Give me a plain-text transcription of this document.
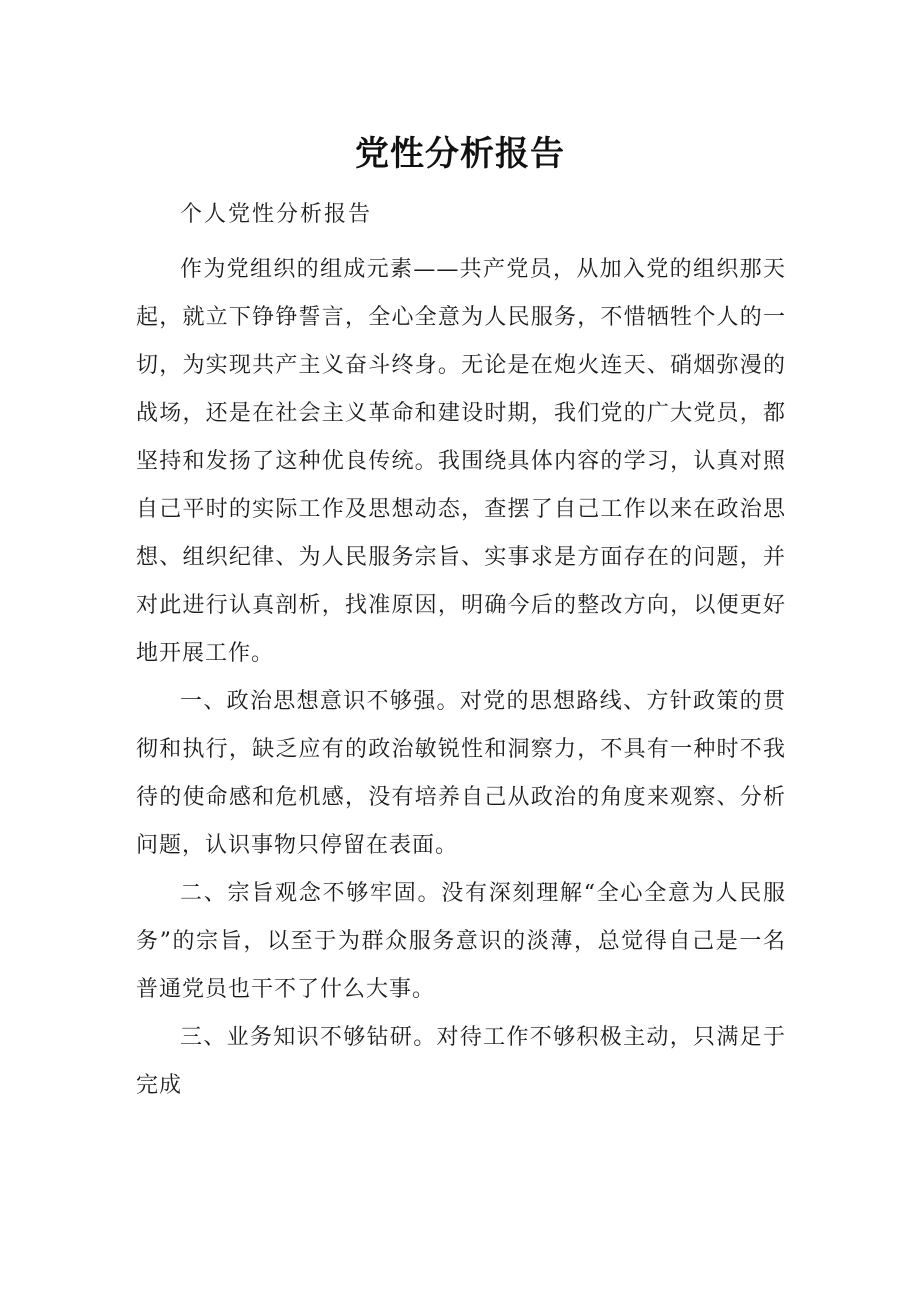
党性分析报告
个人党性分析报告

作为党组织的组成元素——共产党员，从加入党的组织那天起，就立下铮铮誓言，全心全意为人民服务，不惜牺牲个人的一切，为实现共产主义奋斗终身。无论是在炮火连天、硝烟弥漫的战场，还是在社会主义革命和建设时期，我们党的广大党员，都坚持和发扬了这种优良传统。我围绕具体内容的学习，认真对照自己平时的实际工作及思想动态，查摆了自己工作以来在政治思想、组织纪律、为人民服务宗旨、实事求是方面存在的问题，并对此进行认真剖析，找准原因，明确今后的整改方向，以便更好地开展工作。

一、政治思想意识不够强。对党的思想路线、方针政策的贯彻和执行，缺乏应有的政治敏锐性和洞察力，不具有一种时不我待的使命感和危机感，没有培养自己从政治的角度来观察、分析问题，认识事物只停留在表面。

二、宗旨观念不够牢固。没有深刻理解“全心全意为人民服务”的宗旨，以至于为群众服务意识的淡薄，总觉得自己是一名普通党员也干不了什么大事。

三、业务知识不够钻研。对待工作不够积极主动，只满足于完成
